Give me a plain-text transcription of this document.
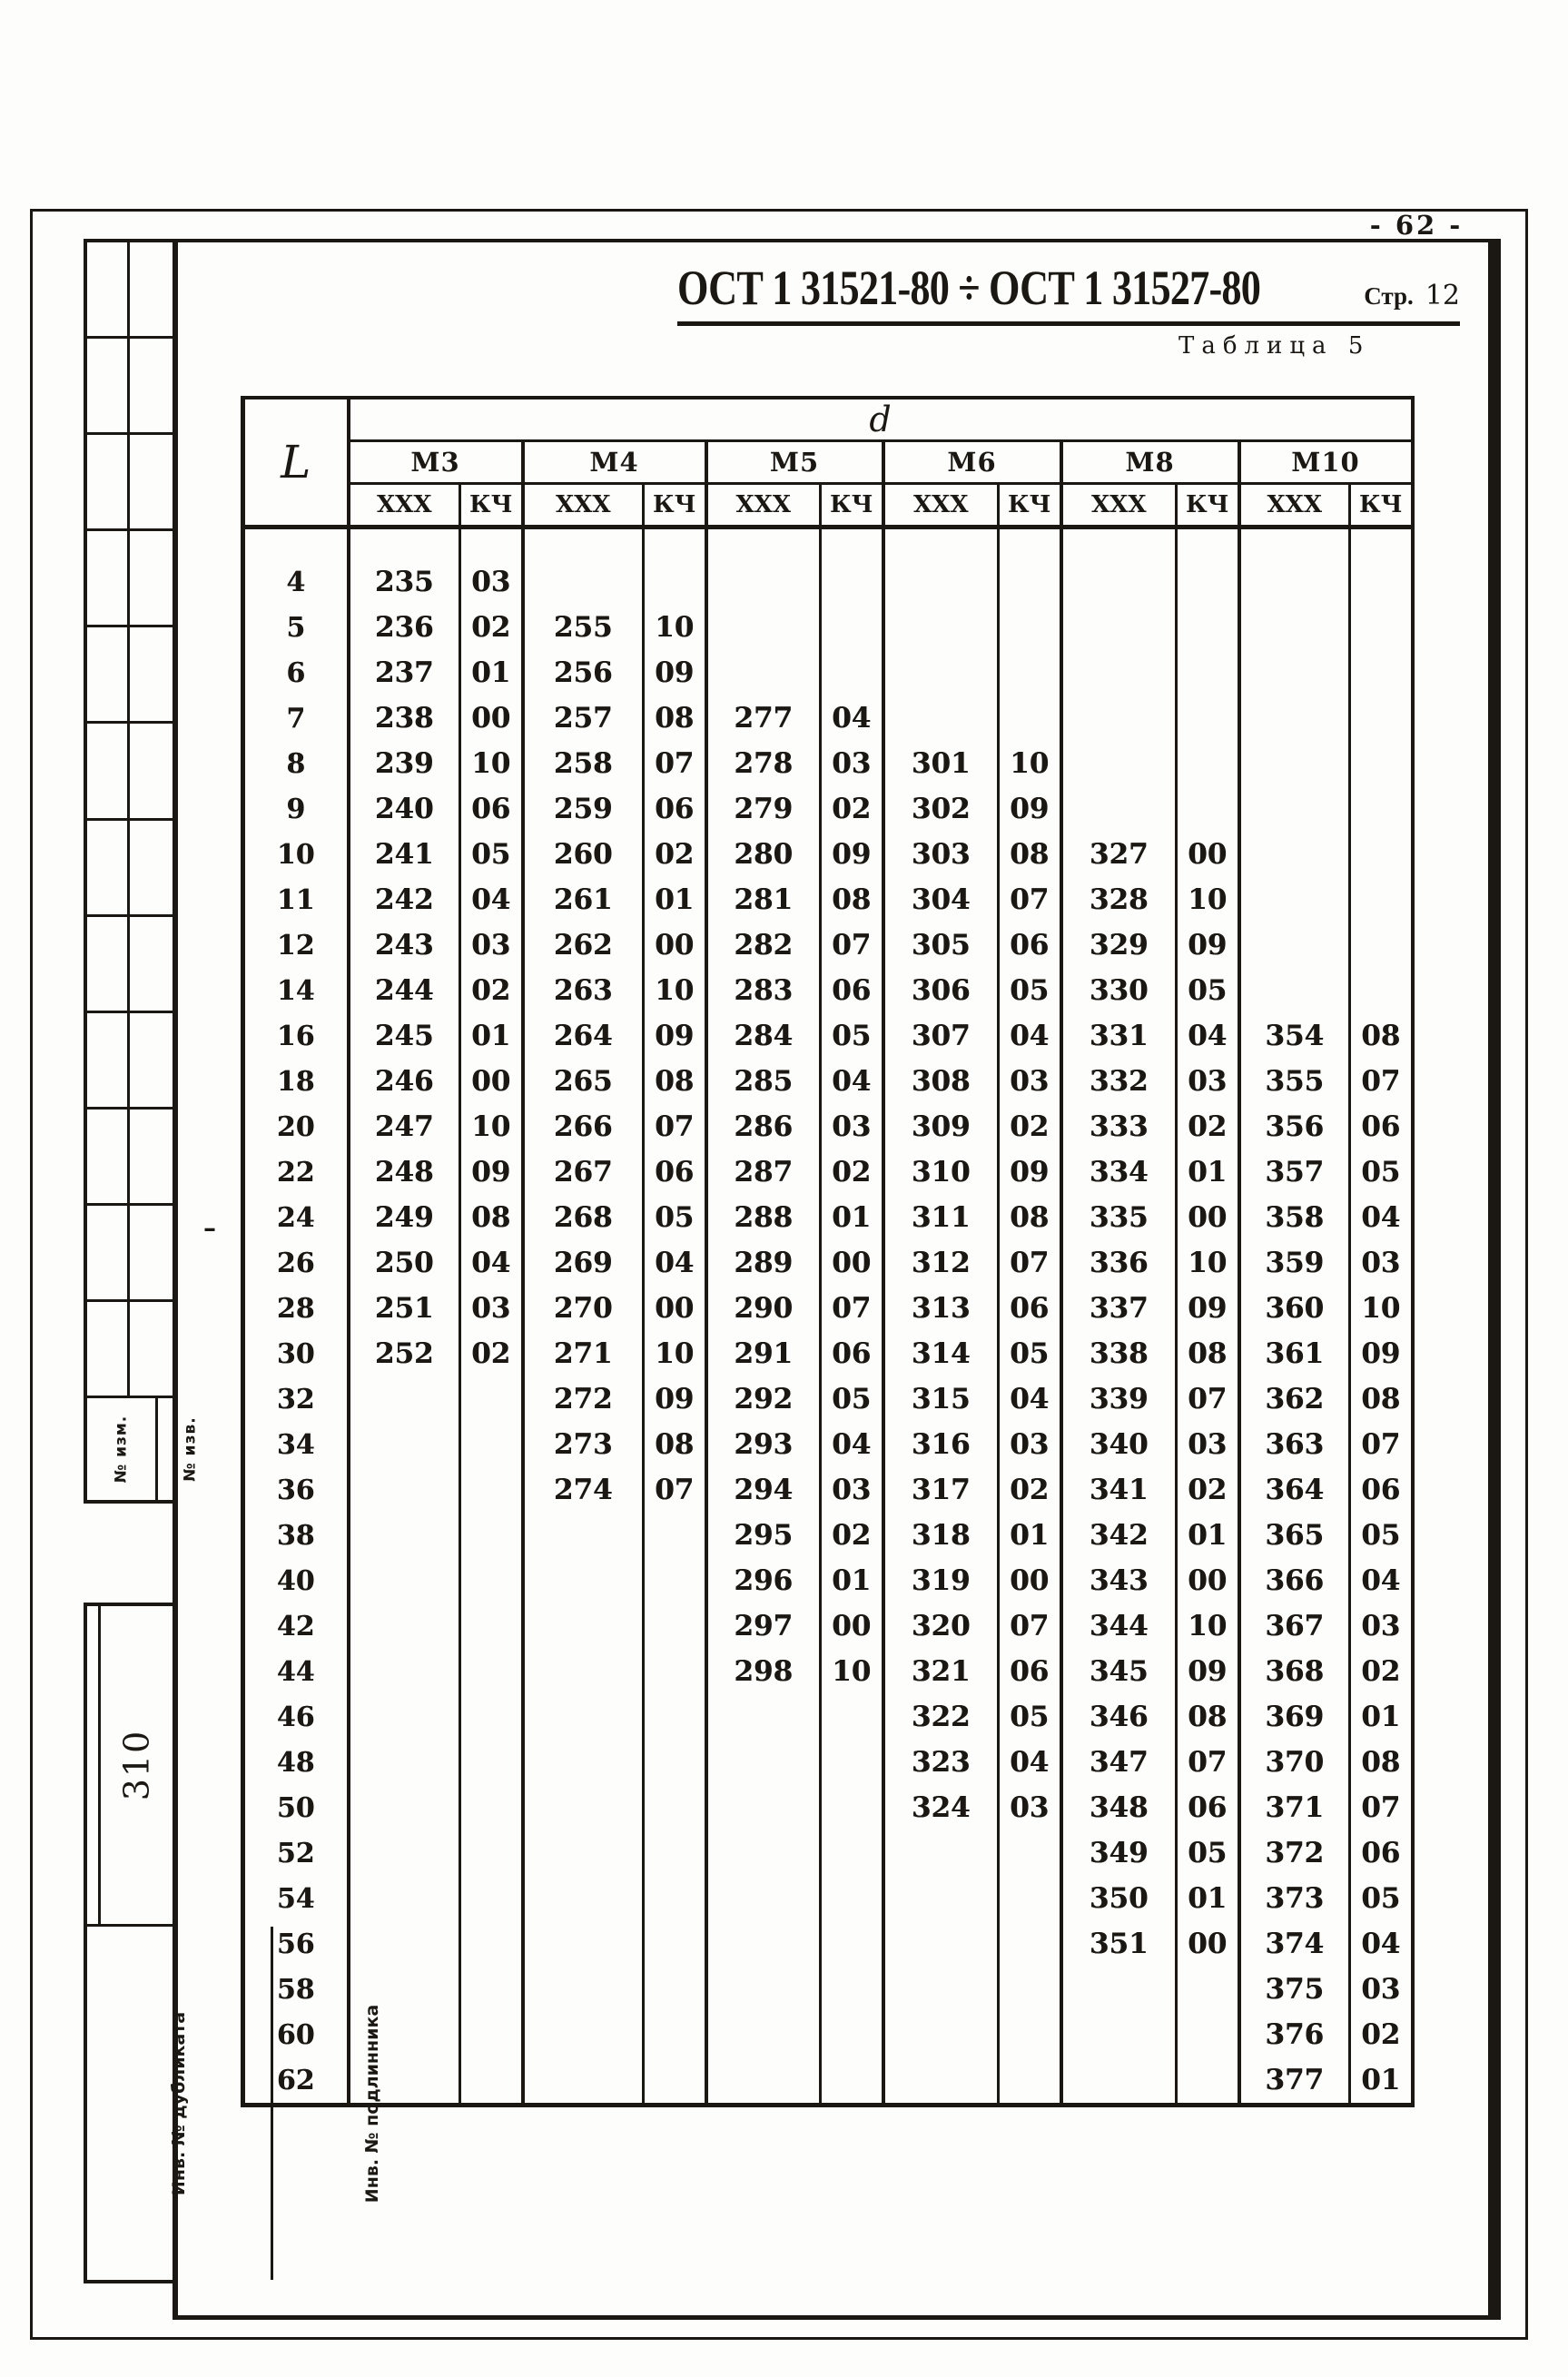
- 62 -
№ изм.	№ изв.
310
Инв. № дубликата	Инв. № подлинника
ОСТ 1 31521-80 ÷ ОСТ 1 31527-80	Стр. 12
Таблица 5
–
L	d											
	М3		М4		М5		М6		М8		М10	
	ХХХ	КЧ	ХХХ	КЧ	ХХХ	КЧ	ХХХ	КЧ	ХХХ	КЧ	ХХХ	КЧ

4	235	03										
5	236	02	255	10								
6	237	01	256	09								
7	238	00	257	08	277	04						
8	239	10	258	07	278	03	301	10				
9	240	06	259	06	279	02	302	09				
10	241	05	260	02	280	09	303	08	327	00		
11	242	04	261	01	281	08	304	07	328	10		
12	243	03	262	00	282	07	305	06	329	09		
14	244	02	263	10	283	06	306	05	330	05		
16	245	01	264	09	284	05	307	04	331	04	354	08
18	246	00	265	08	285	04	308	03	332	03	355	07
20	247	10	266	07	286	03	309	02	333	02	356	06
22	248	09	267	06	287	02	310	09	334	01	357	05
24	249	08	268	05	288	01	311	08	335	00	358	04
26	250	04	269	04	289	00	312	07	336	10	359	03
28	251	03	270	00	290	07	313	06	337	09	360	10
30	252	02	271	10	291	06	314	05	338	08	361	09
32			272	09	292	05	315	04	339	07	362	08
34			273	08	293	04	316	03	340	03	363	07
36			274	07	294	03	317	02	341	02	364	06
38					295	02	318	01	342	01	365	05
40					296	01	319	00	343	00	366	04
42					297	00	320	07	344	10	367	03
44					298	10	321	06	345	09	368	02
46							322	05	346	08	369	01
48							323	04	347	07	370	08
50							324	03	348	06	371	07
52									349	05	372	06
54									350	01	373	05
56									351	00	374	04
58											375	03
60											376	02
62											377	01
